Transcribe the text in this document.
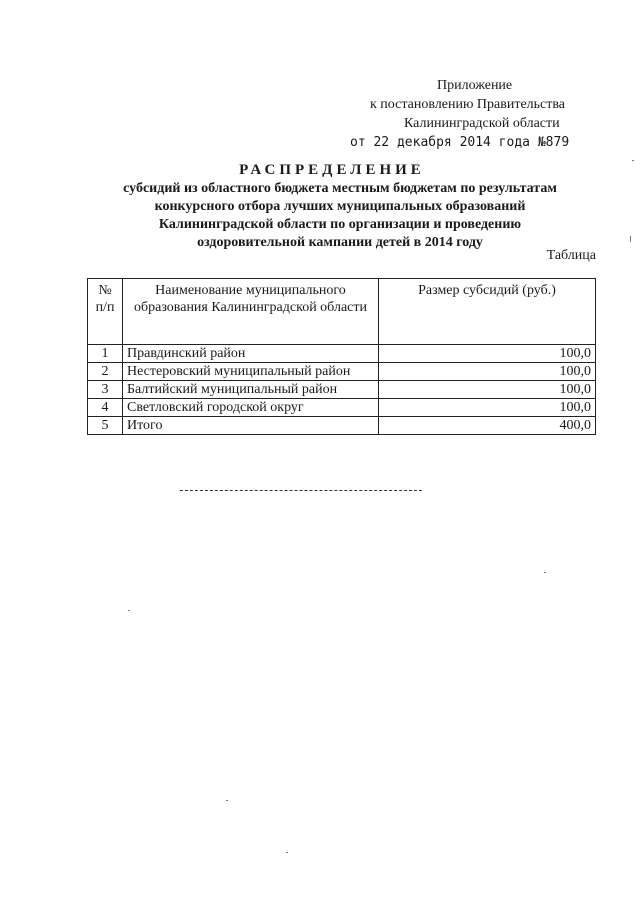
Приложение
к постановлению Правительства
Калининградской области
от 22 декабря 2014 года №879
РАСПРЕДЕЛЕНИЕ
субсидий из областного бюджета местным бюджетам по результатам
конкурсного отбора лучших муниципальных образований
Калининградской области по организации и проведению
оздоровительной кампании детей в 2014 году
Таблица
№ п/п	Наименование муниципального образования Калининградской области	Размер субсидий (руб.)
1	Правдинский район	100,0
2	Нестеровский муниципальный район	100,0
3	Балтийский муниципальный район	100,0
4	Светловский городской округ	100,0
5	Итого	400,0
